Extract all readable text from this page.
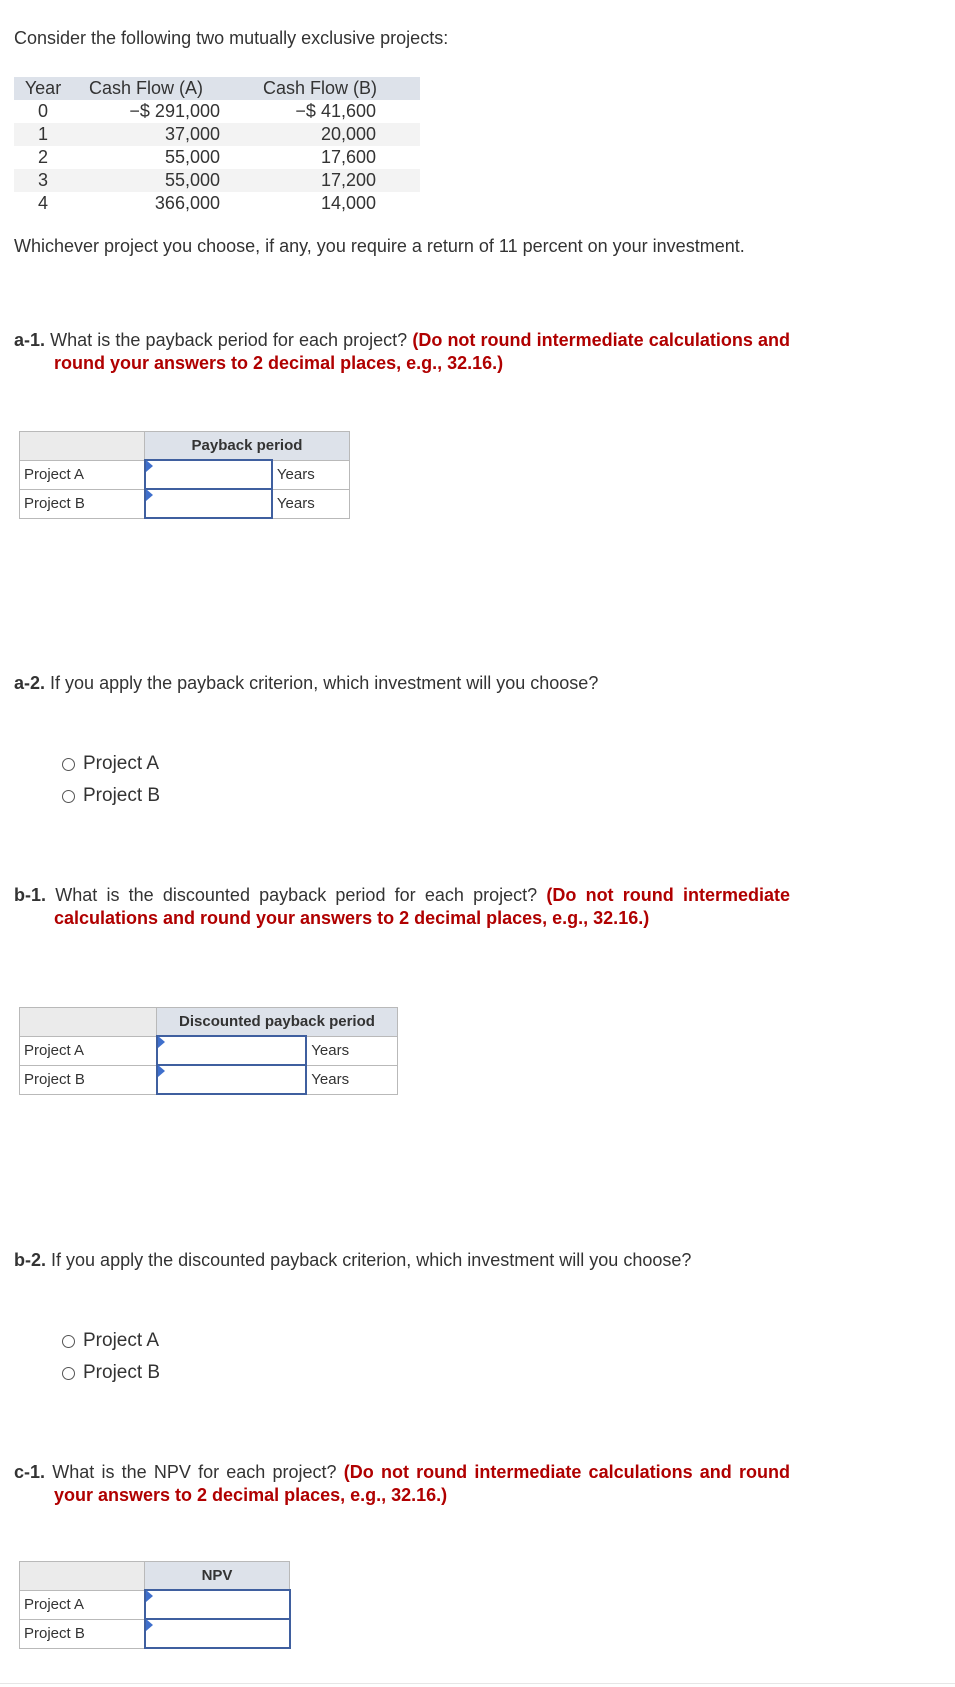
Consider the following two mutually exclusive projects:
Year	Cash Flow (A)	Cash Flow (B)
0	−$ 291,000	−$ 41,600
1	37,000	20,000
2	55,000	17,600
3	55,000	17,200
4	366,000	14,000
Whichever project you choose, if any, you require a return of 11 percent on your investment.
a-1. What is the payback period for each project? (Do not round intermediate calculations and round your answers to 2 decimal places, e.g., 32.16.)
	Payback period	
Project A		Years
Project B		Years
a-2. If you apply the payback criterion, which investment will you choose?
Project A
Project B
b-1. What is the discounted payback period for each project? (Do not round intermediate calculations and round your answers to 2 decimal places, e.g., 32.16.)
	Discounted payback period	
Project A		Years
Project B		Years
b-2. If you apply the discounted payback criterion, which investment will you choose?
Project A
Project B
c-1. What is the NPV for each project? (Do not round intermediate calculations and round your answers to 2 decimal places, e.g., 32.16.)
	NPV
Project A	
Project B	
